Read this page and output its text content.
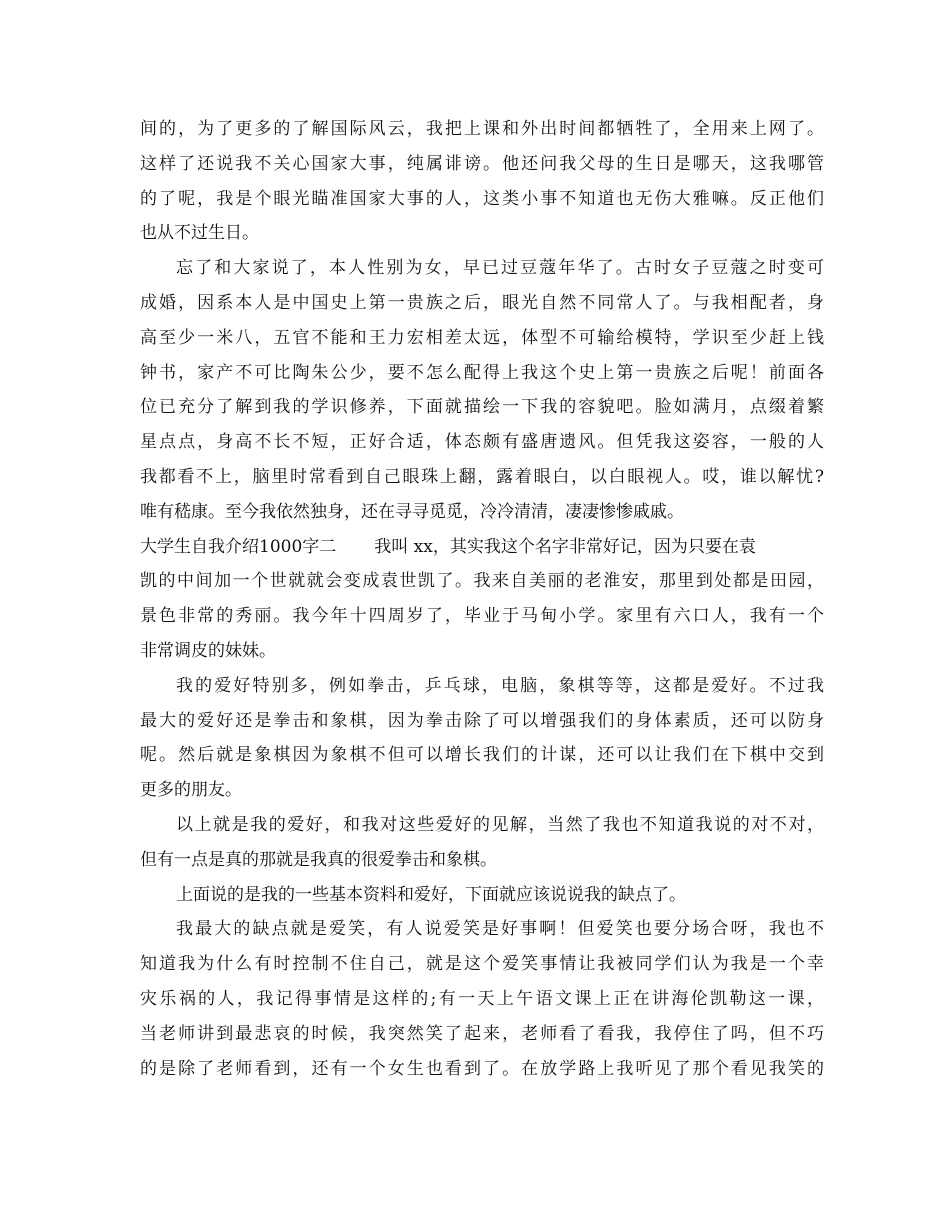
间的，为了更多的了解国际风云，我把上课和外出时间都牺牲了，全用来上网了。
这样了还说我不关心国家大事，纯属诽谤。他还问我父母的生日是哪天，这我哪管
的了呢，我是个眼光瞄准国家大事的人，这类小事不知道也无伤大雅嘛。反正他们
也从不过生日。
忘了和大家说了，本人性别为女，早已过豆蔻年华了。古时女子豆蔻之时变可
成婚，因系本人是中国史上第一贵族之后，眼光自然不同常人了。与我相配者，身
高至少一米八，五官不能和王力宏相差太远，体型不可输给模特，学识至少赶上钱
钟书，家产不可比陶朱公少，要不怎么配得上我这个史上第一贵族之后呢！前面各
位已充分了解到我的学识修养，下面就描绘一下我的容貌吧。脸如满月，点缀着繁
星点点，身高不长不短，正好合适，体态颇有盛唐遗风。但凭我这姿容，一般的人
我都看不上，脑里时常看到自己眼珠上翻，露着眼白，以白眼视人。哎，谁以解忧?
唯有嵇康。至今我依然独身，还在寻寻觅觅，冷冷清清，凄凄惨惨戚戚。
大学生自我介绍1000字二 我叫 xx，其实我这个名字非常好记，因为只要在袁
凯的中间加一个世就就会变成袁世凯了。我来自美丽的老淮安，那里到处都是田园，
景色非常的秀丽。我今年十四周岁了，毕业于马甸小学。家里有六口人，我有一个
非常调皮的妹妹。
我的爱好特别多，例如拳击，乒乓球，电脑，象棋等等，这都是爱好。不过我
最大的爱好还是拳击和象棋，因为拳击除了可以增强我们的身体素质，还可以防身
呢。然后就是象棋因为象棋不但可以增长我们的计谋，还可以让我们在下棋中交到
更多的朋友。
以上就是我的爱好，和我对这些爱好的见解，当然了我也不知道我说的对不对，
但有一点是真的那就是我真的很爱拳击和象棋。
上面说的是我的一些基本资料和爱好，下面就应该说说我的缺点了。
我最大的缺点就是爱笑，有人说爱笑是好事啊！但爱笑也要分场合呀，我也不
知道我为什么有时控制不住自己，就是这个爱笑事情让我被同学们认为我是一个幸
灾乐祸的人，我记得事情是这样的;有一天上午语文课上正在讲海伦凯勒这一课，
当老师讲到最悲哀的时候，我突然笑了起来，老师看了看我，我停住了吗，但不巧
的是除了老师看到，还有一个女生也看到了。在放学路上我听见了那个看见我笑的
